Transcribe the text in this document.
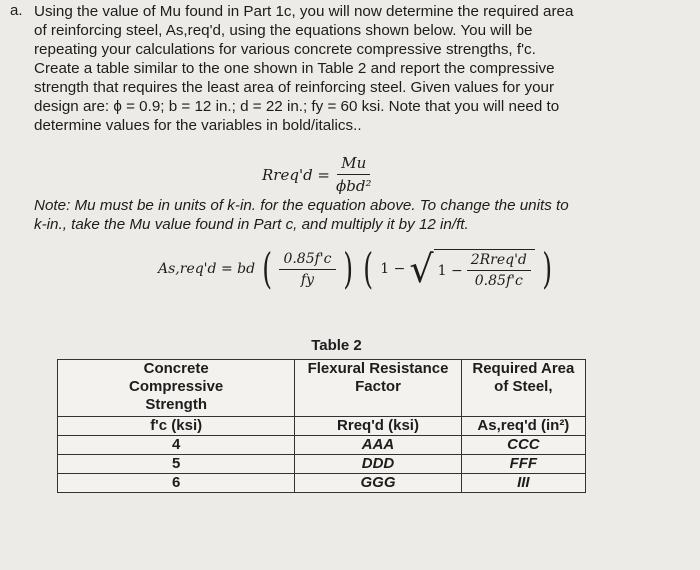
a. Using the value of Mu found in Part 1c, you will now determine the required area

of reinforcing steel, As,req'd, using the equations shown below. You will be

repeating your calculations for various concrete compressive strengths, f'c.

Create a table similar to the one shown in Table 2 and report the compressive

strength that requires the least area of reinforcing steel. Given values for your

design are: ϕ = 0.9; b = 12 in.; d = 22 in.; fy = 60 ksi. Note that you will need to

determine values for the variables in bold/italics..

Rreq'd = $\frac{Mu}{\text{ϕbd²}}$
Note: Mu must be in units of k-in. for the equation above. To change the units to
k-in., take the Mu value found in Part c, and multiply it by 12 in/ft.
As,req'd = bd ( $\frac{0.85f'c}{fy}$ ) ( 1 − √ $1 - \frac{\text{2Rreq'd}}{0.85f'c}$ )
Table 2
Concrete Compressive Strength	Flexural Resistance Factor	Required Area of Steel,
f'c (ksi)	Rreq'd (ksi)	As,req'd (in²)
4	AAA	CCC
5	DDD	FFF
6	GGG	III
